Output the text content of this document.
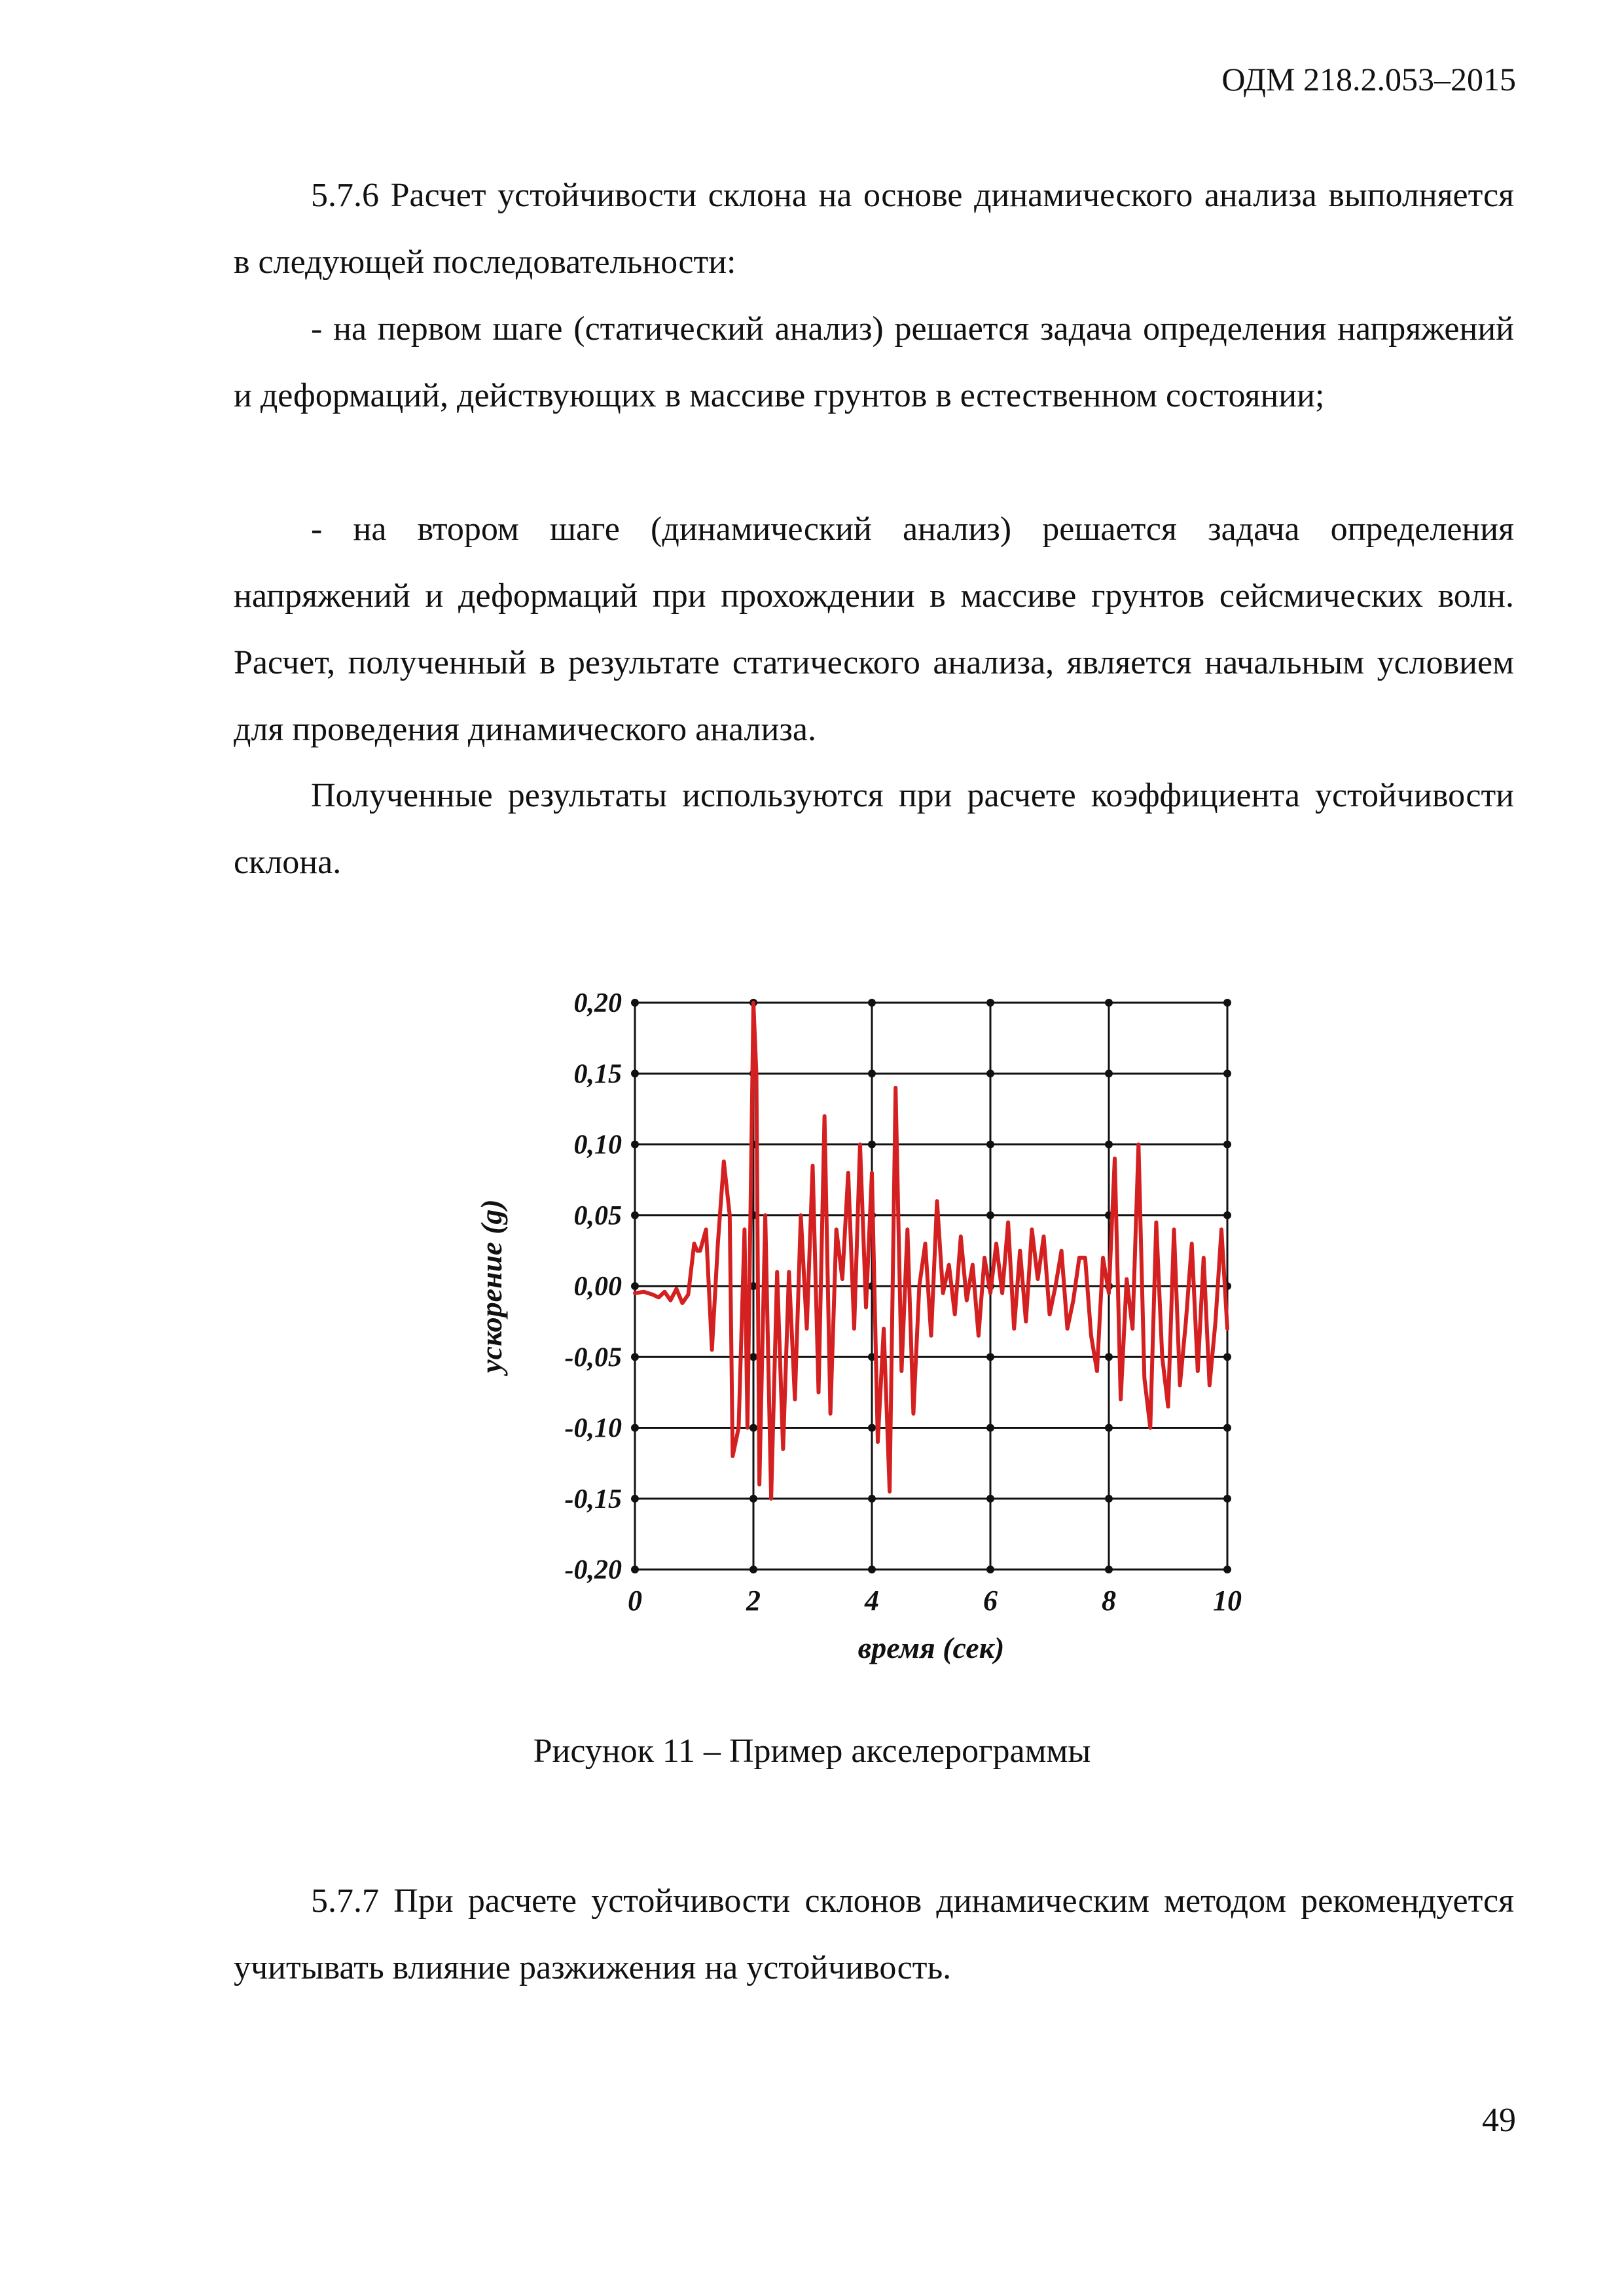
ОДМ 218.2.053–2015

5.7.6 Расчет устойчивости склона на основе динамического анализа выполняется в следующей последовательности:

- на первом шаге (статический анализ) решается задача определения напряжений и деформаций, действующих в массиве грунтов в естественном состоянии;

- на втором шаге (динамический анализ) решается задача определения напряжений и деформаций при прохождении в массиве грунтов сейсмических волн. Расчет, полученный в результате статического анализа, является начальным условием для проведения динамического анализа.

Полученные результаты используются при расчете коэффициента устойчивости склона.

0,20
0,15
0,10
0,05
0,00
-0,05
-0,10
-0,15
-0,20
0	2	4	6	8	10
время (сек)
ускорение (g)
Рисунок 11 – Пример акселерограммы

5.7.7 При расчете устойчивости склонов динамическим методом рекомендуется учитывать влияние разжижения на устойчивость.

49
